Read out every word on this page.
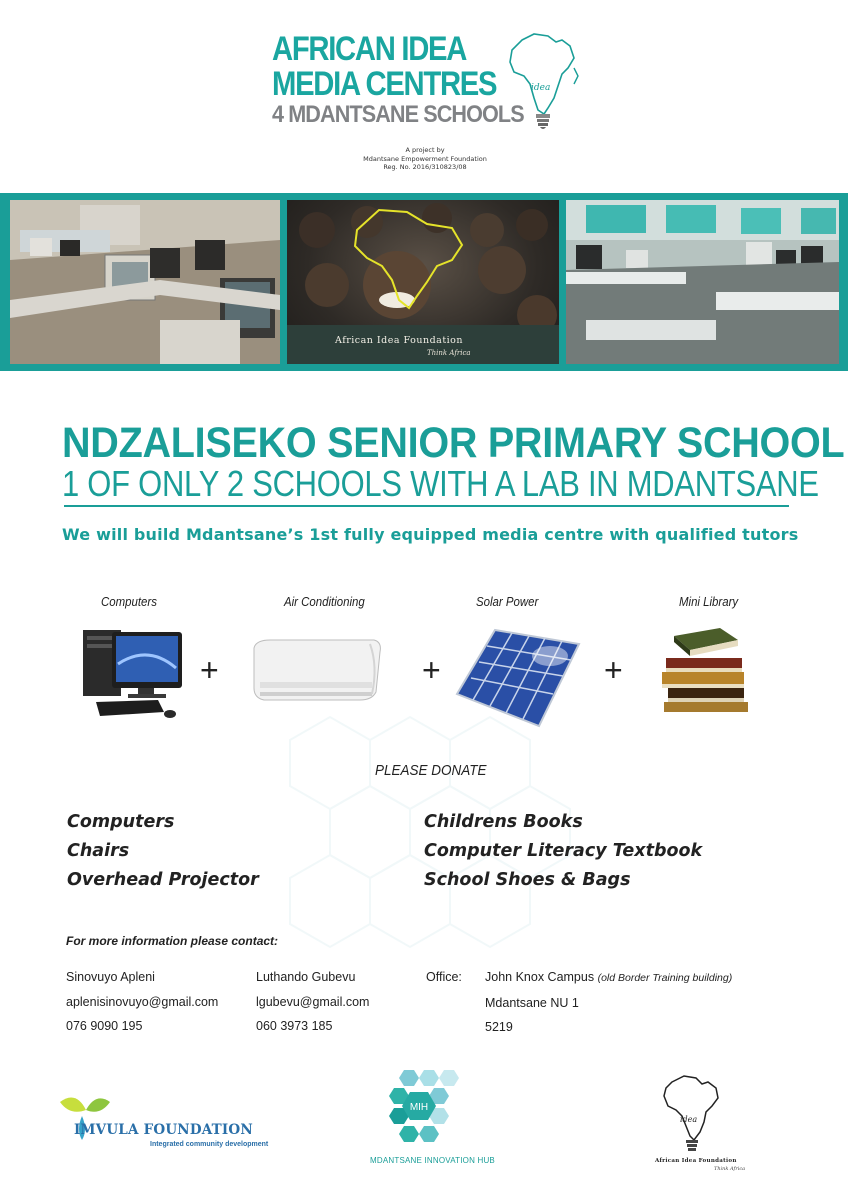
AFRICAN IDEA
MEDIA CENTRES
4 MDANTSANE SCHOOLS
idea
A project by
Mdantsane Empowerment Foundation
Reg. No. 2016/310823/08
African Idea Foundation
Think Africa
NDZALISEKO SENIOR PRIMARY SCHOOL
1 OF ONLY 2 SCHOOLS WITH A LAB IN MDANTSANE
We will build Mdantsane’s 1st fully equipped media centre with qualified tutors
Computers	Air Conditioning	Solar Power	Mini Library
+	+	+
PLEASE DONATE
Computers
Chairs
Overhead Projector
Childrens Books
Computer Literacy Textbook
School Shoes & Bags
For more information please contact:
Sinovuyo Apleni
aplenisinovuyo@gmail.com
076 9090 195
Luthando Gubevu
lgubevu@gmail.com
060 3973 185
Office: John Knox Campus (old Border Training building)
Mdantsane NU 1
5219
IMVULA FOUNDATION
Integrated community development
MIH
MDANTSANE INNOVATION HUB
idea
African Idea Foundation
Think Africa
